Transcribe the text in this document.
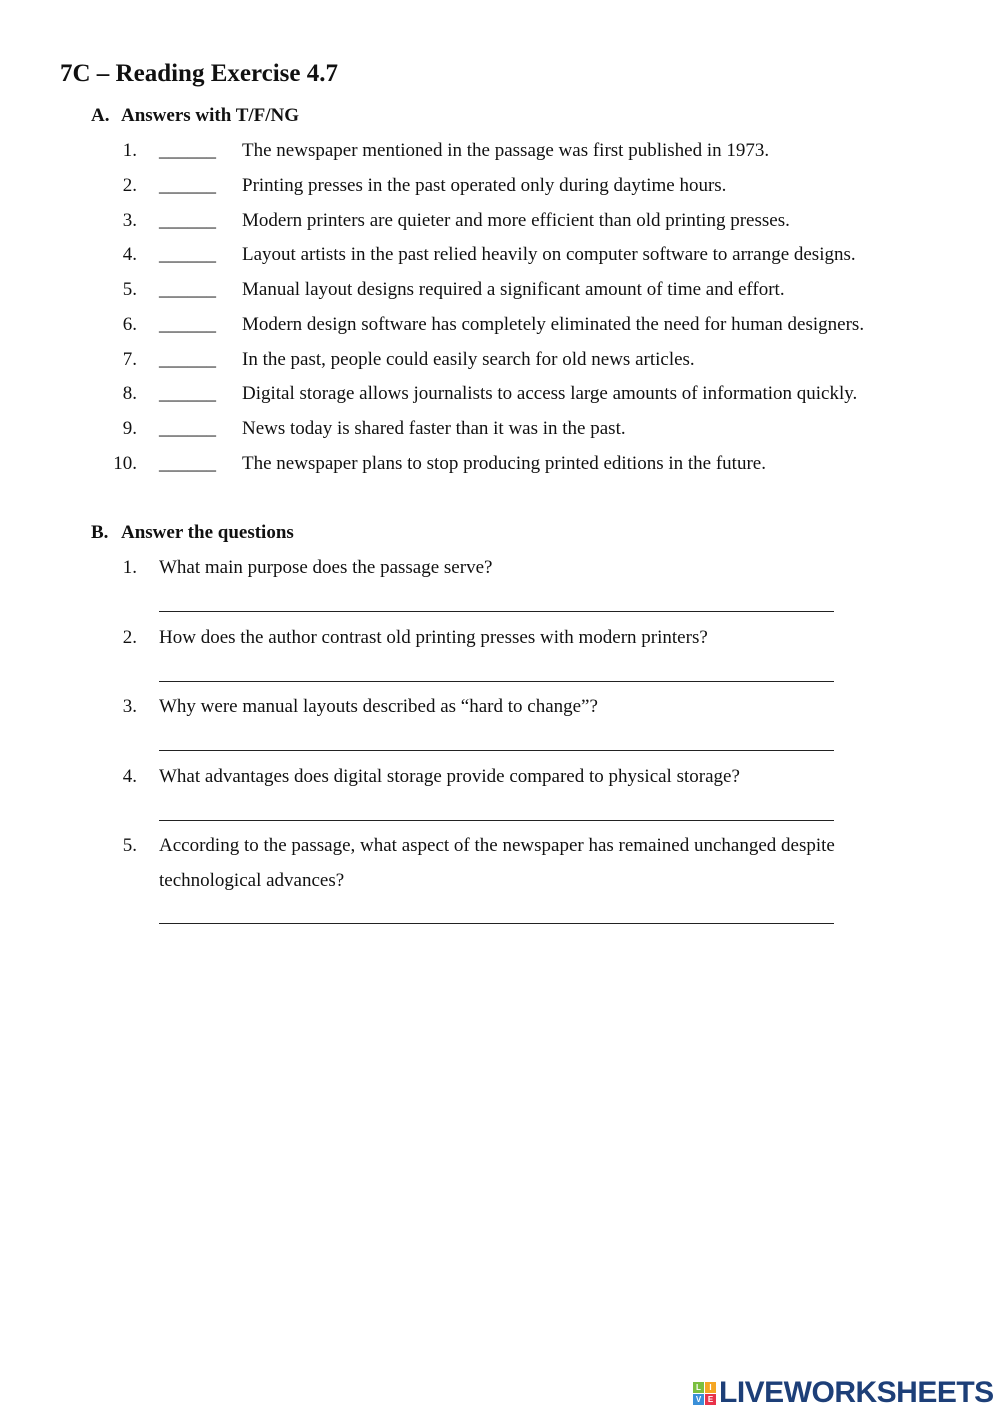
7C – Reading Exercise 4.7
A. Answers with T/F/NG
1. ______ The newspaper mentioned in the passage was first published in 1973.
2. ______ Printing presses in the past operated only during daytime hours.
3. ______ Modern printers are quieter and more efficient than old printing presses.
4. ______ Layout artists in the past relied heavily on computer software to arrange designs.
5. ______ Manual layout designs required a significant amount of time and effort.
6. ______ Modern design software has completely eliminated the need for human designers.
7. ______ In the past, people could easily search for old news articles.
8. ______ Digital storage allows journalists to access large amounts of information quickly.
9. ______ News today is shared faster than it was in the past.
10. ______ The newspaper plans to stop producing printed editions in the future.
B. Answer the questions
1. What main purpose does the passage serve?
2. How does the author contrast old printing presses with modern printers?
3. Why were manual layouts described as “hard to change”?
4. What advantages does digital storage provide compared to physical storage?
5. According to the passage, what aspect of the newspaper has remained unchanged despite
technological advances?
L	I
V E LIVEWORKSHEETS
